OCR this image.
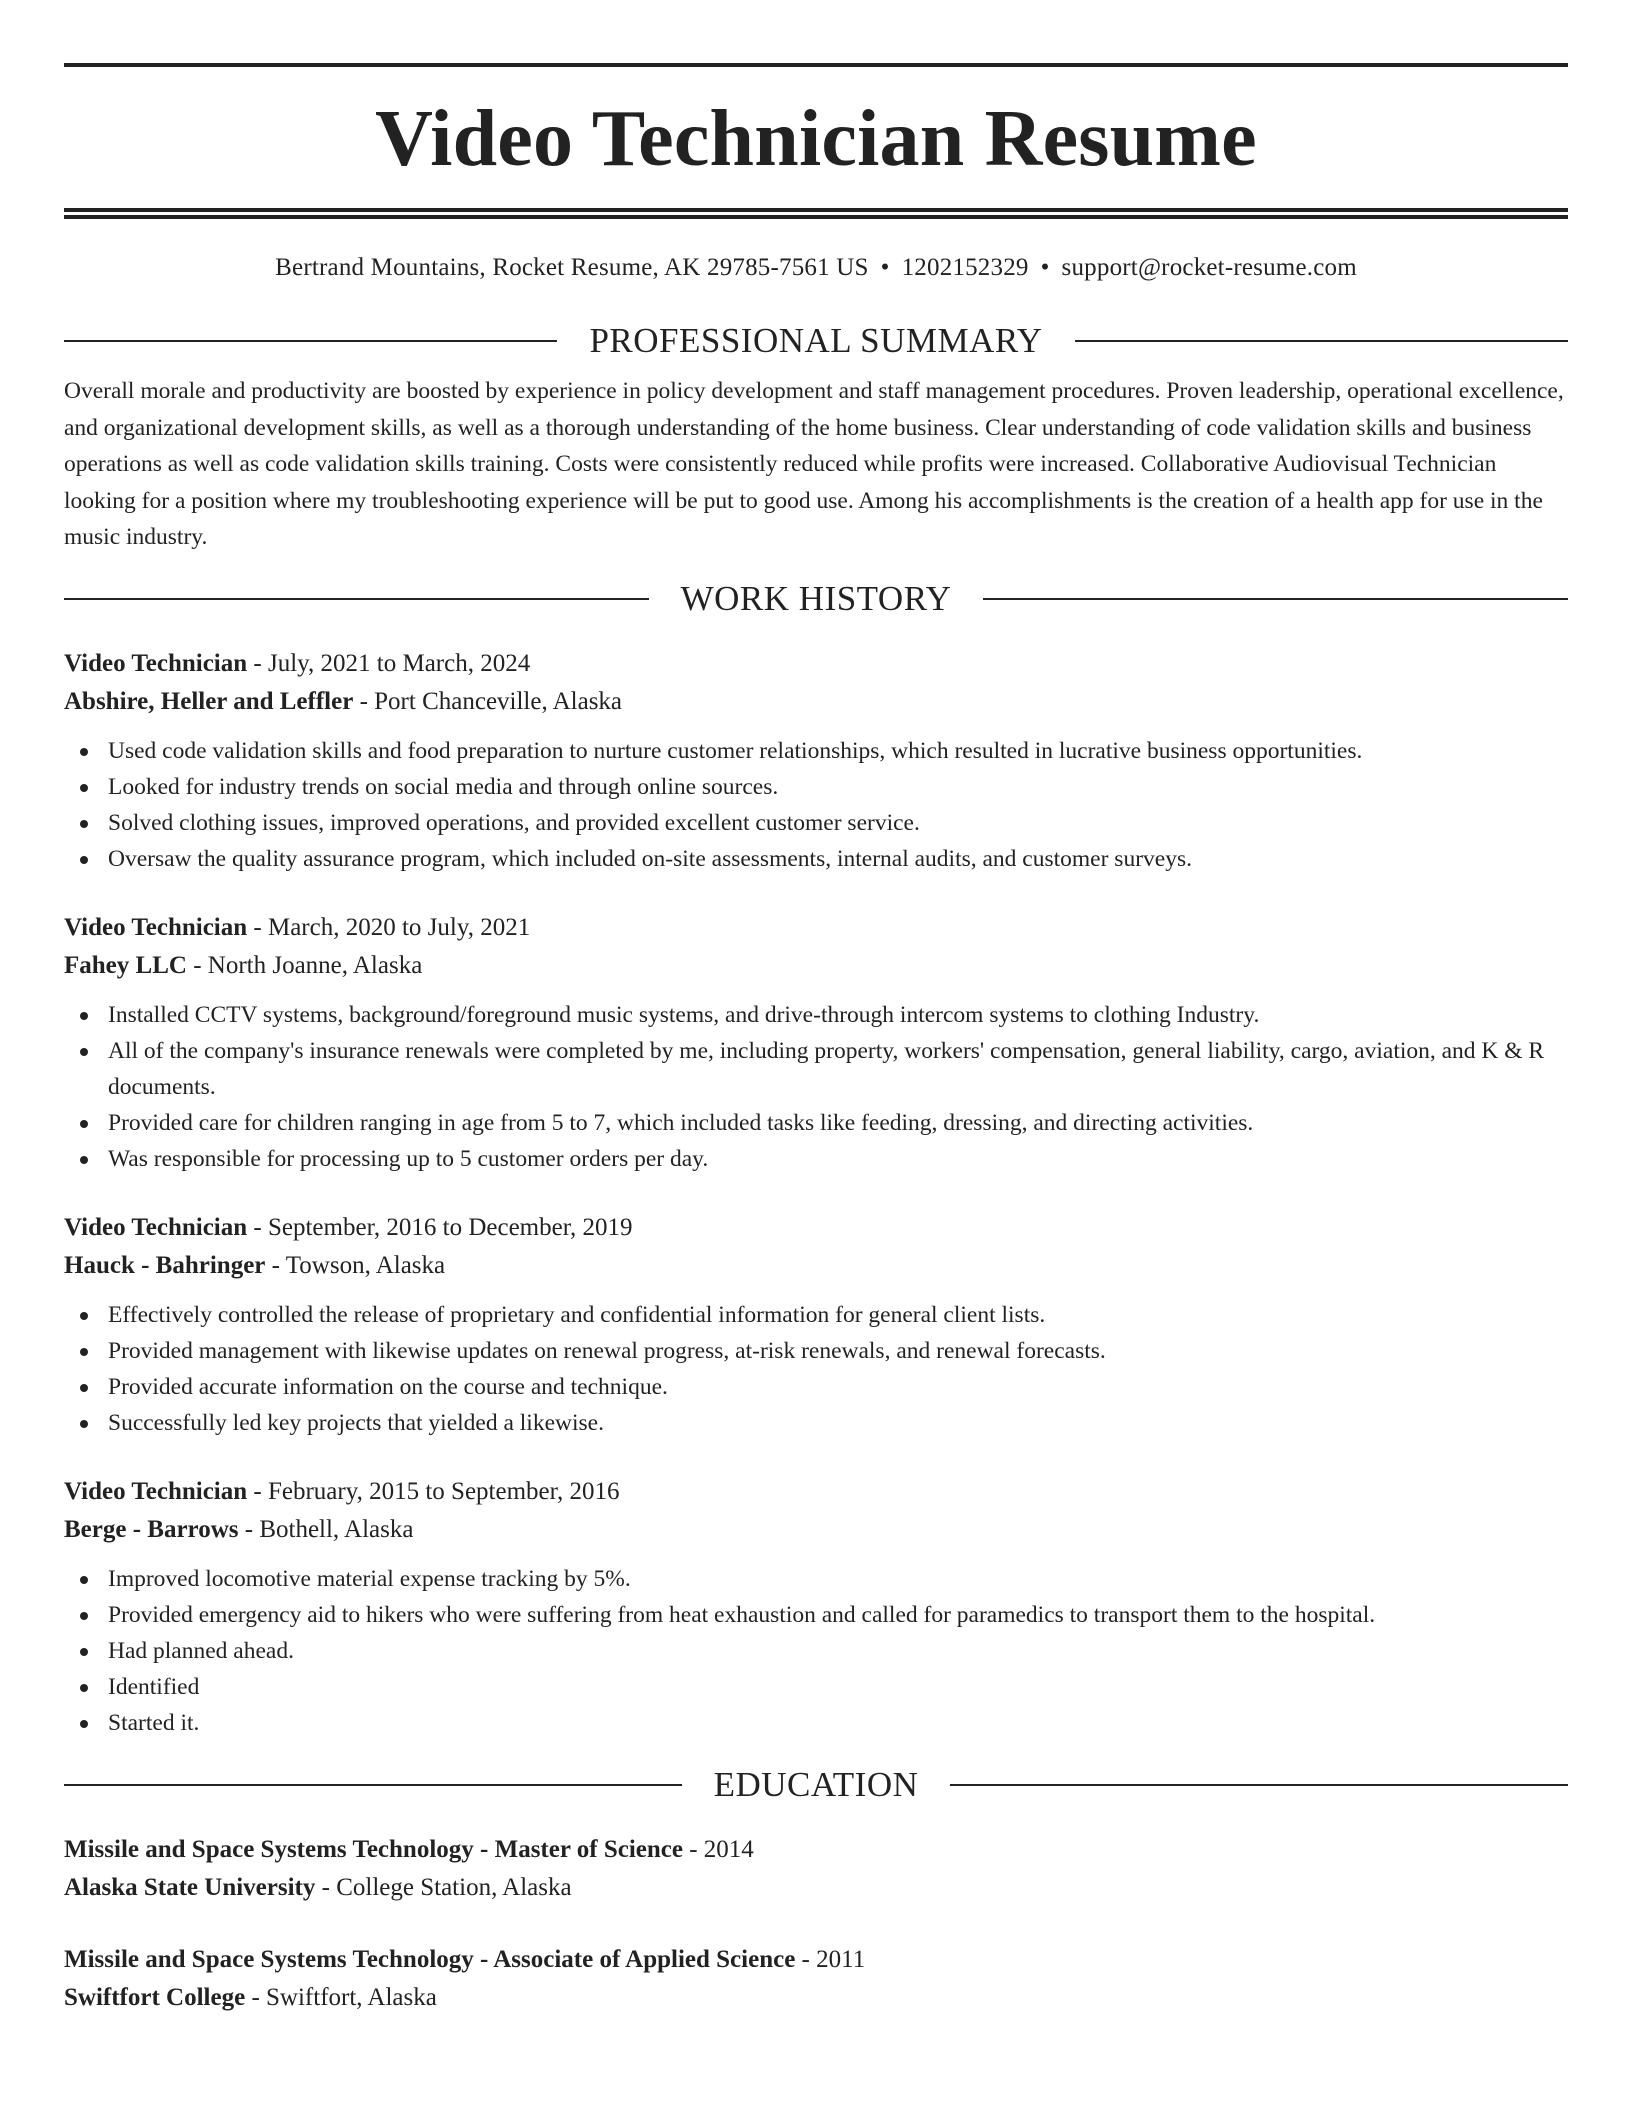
Video Technician Resume
Bertrand Mountains, Rocket Resume, AK 29785-7561 US • 1202152329 • support@rocket-resume.com
PROFESSIONAL SUMMARY

Overall morale and productivity are boosted by experience in policy development and staff management procedures. Proven leadership, operational excellence, and organizational development skills, as well as a thorough understanding of the home business. Clear understanding of code validation skills and business operations as well as code validation skills training. Costs were consistently reduced while profits were increased. Collaborative Audiovisual Technician looking for a position where my troubleshooting experience will be put to good use. Among his accomplishments is the creation of a health app for use in the music industry.

WORK HISTORY
Video Technician - July, 2021 to March, 2024
Abshire, Heller and Leffler - Port Chanceville, Alaska
Used code validation skills and food preparation to nurture customer relationships, which resulted in lucrative business opportunities.
Looked for industry trends on social media and through online sources.
Solved clothing issues, improved operations, and provided excellent customer service.
Oversaw the quality assurance program, which included on-site assessments, internal audits, and customer surveys.
Video Technician - March, 2020 to July, 2021
Fahey LLC - North Joanne, Alaska
Installed CCTV systems, background/foreground music systems, and drive-through intercom systems to clothing Industry.
All of the company's insurance renewals were completed by me, including property, workers' compensation, general liability, cargo, aviation, and K & R documents.
Provided care for children ranging in age from 5 to 7, which included tasks like feeding, dressing, and directing activities.
Was responsible for processing up to 5 customer orders per day.
Video Technician - September, 2016 to December, 2019
Hauck - Bahringer - Towson, Alaska
Effectively controlled the release of proprietary and confidential information for general client lists.
Provided management with likewise updates on renewal progress, at-risk renewals, and renewal forecasts.
Provided accurate information on the course and technique.
Successfully led key projects that yielded a likewise.
Video Technician - February, 2015 to September, 2016
Berge - Barrows - Bothell, Alaska
Improved locomotive material expense tracking by 5%.
Provided emergency aid to hikers who were suffering from heat exhaustion and called for paramedics to transport them to the hospital.
Had planned ahead.
Identified
Started it.
EDUCATION
Missile and Space Systems Technology - Master of Science - 2014
Alaska State University - College Station, Alaska
Missile and Space Systems Technology - Associate of Applied Science - 2011
Swiftfort College - Swiftfort, Alaska
